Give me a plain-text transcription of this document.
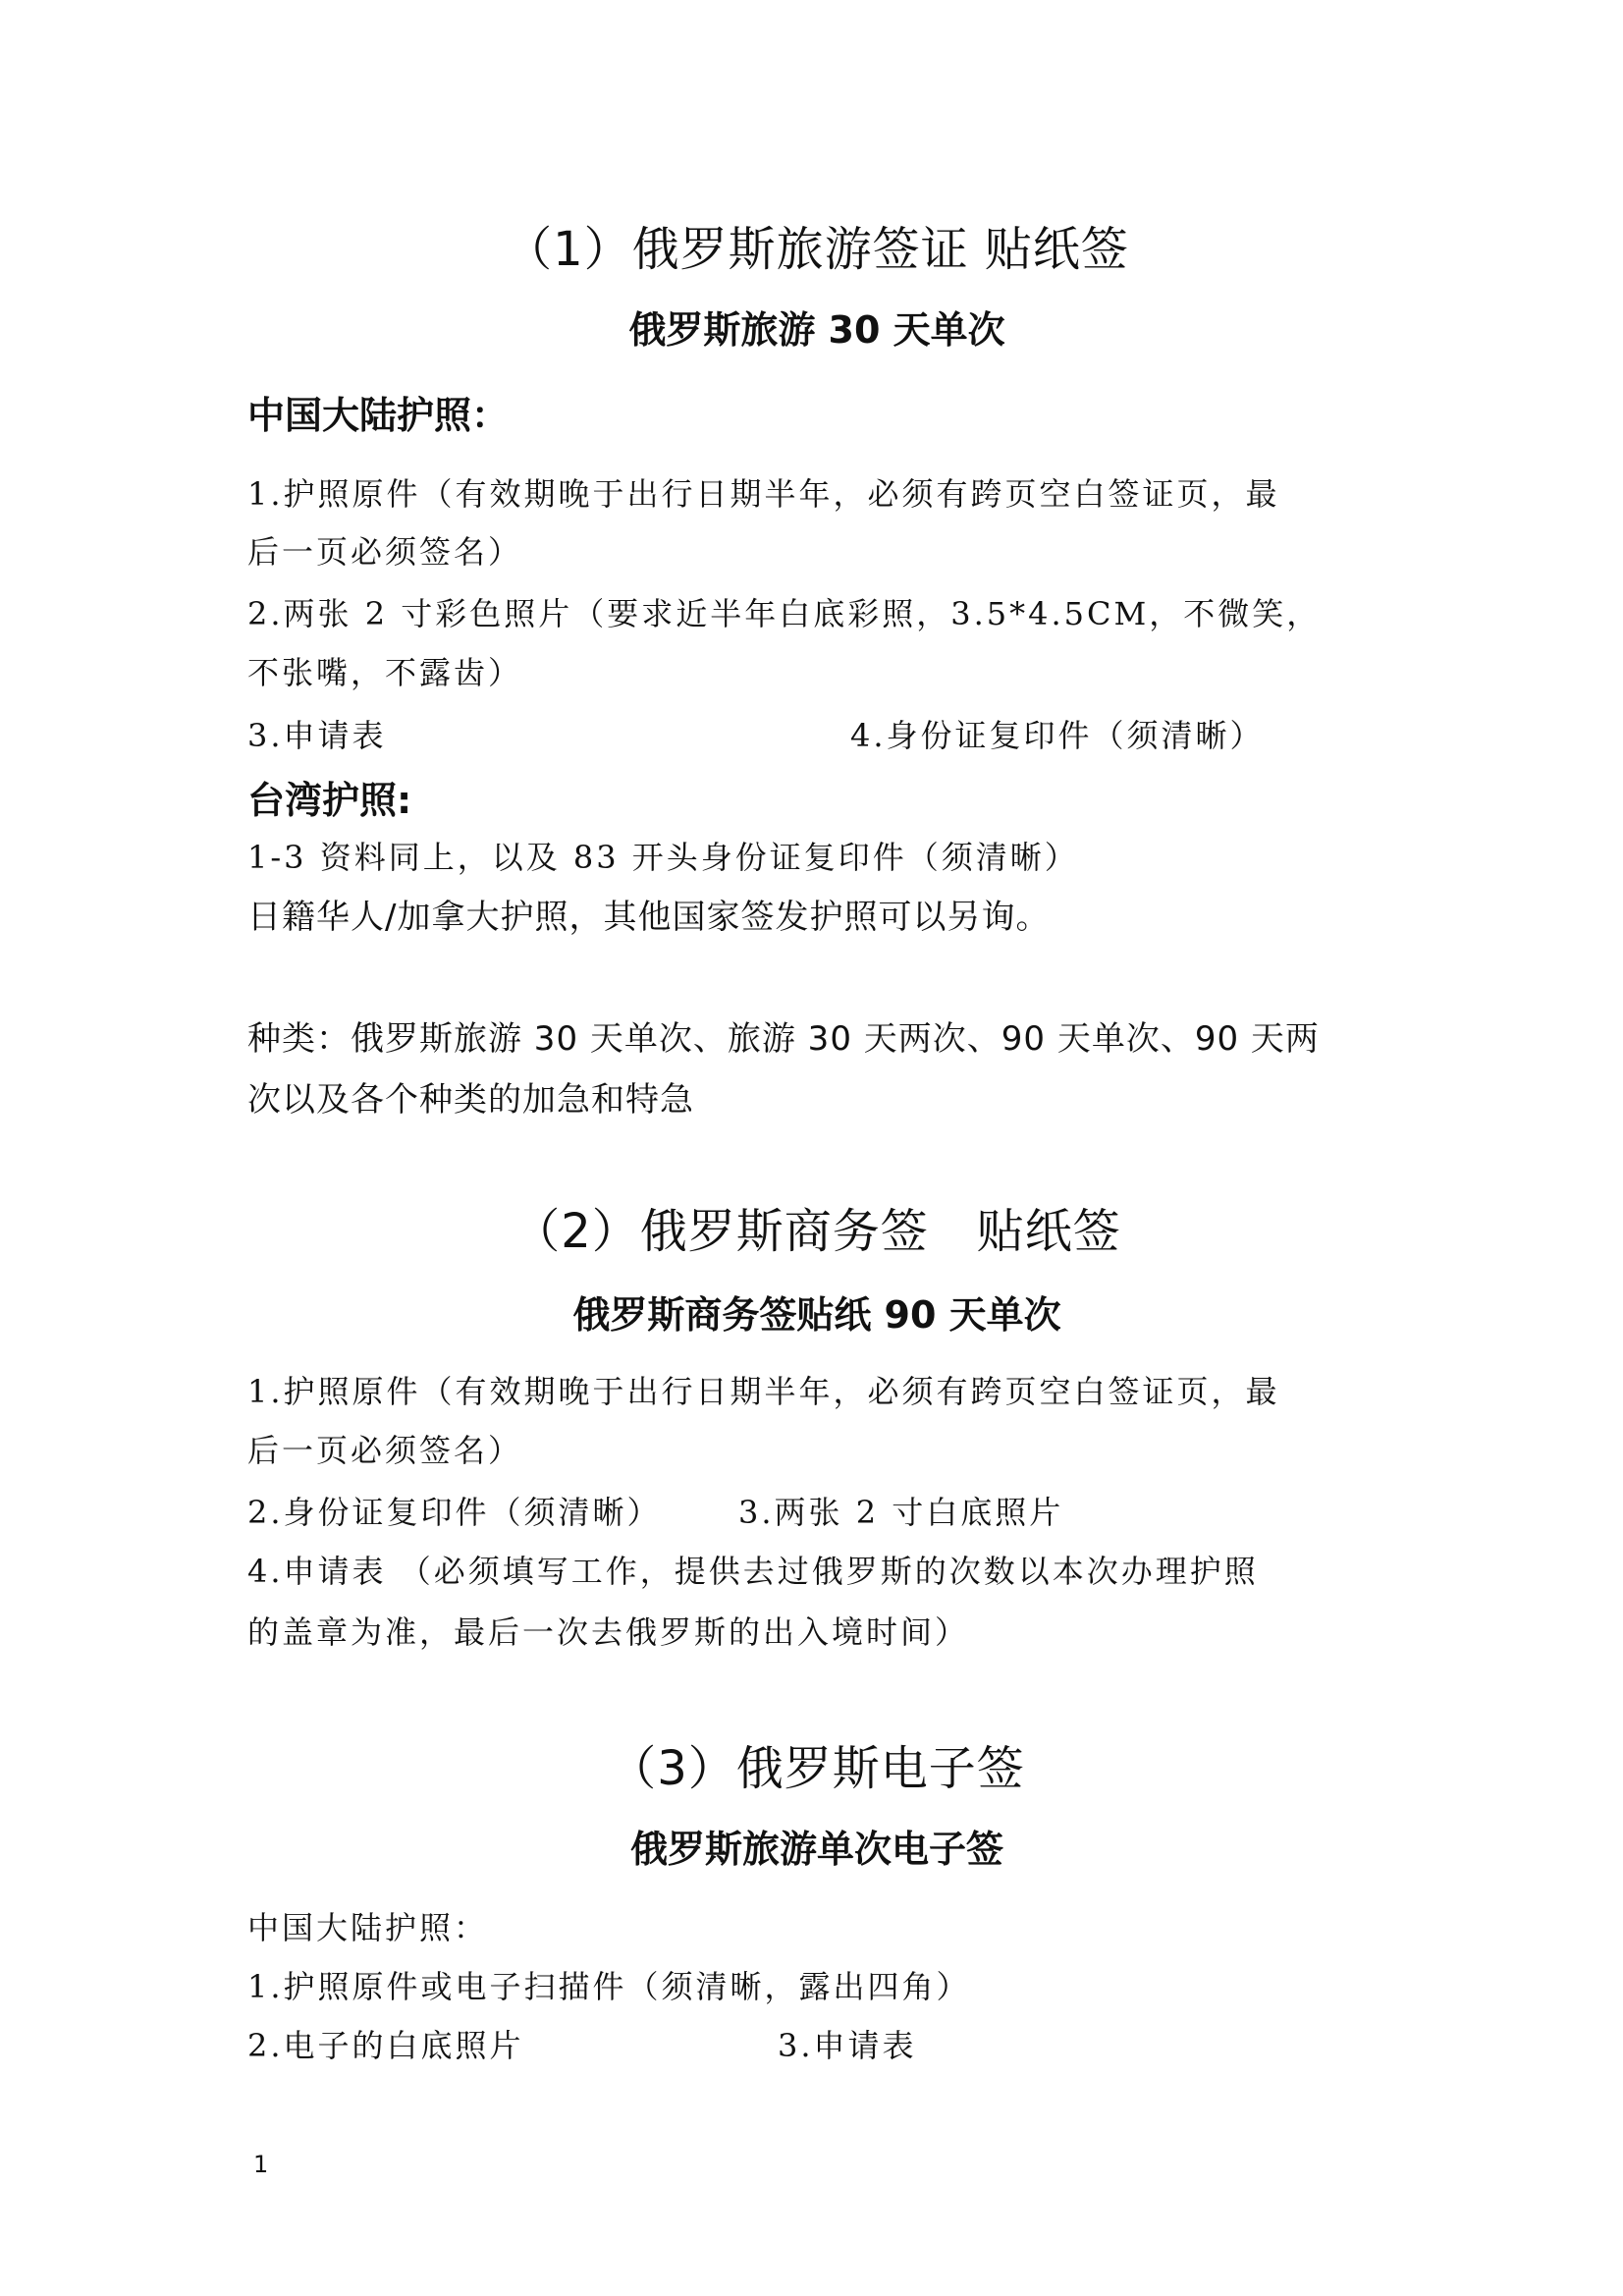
（1）俄罗斯旅游签证 贴纸签
俄罗斯旅游 30 天单次
中国大陆护照：
1.护照原件（有效期晚于出行日期半年，必须有跨页空白签证页，最
后一页必须签名）
2.两张 2 寸彩色照片（要求近半年白底彩照，3.5*4.5CM，不微笑，
不张嘴，不露齿）
3.申请表	4.身份证复印件（须清晰）
台湾护照:
1-3 资料同上，以及 83 开头身份证复印件（须清晰）
日籍华人/加拿大护照，其他国家签发护照可以另询。
种类：俄罗斯旅游 30 天单次、旅游 30 天两次、90 天单次、90 天两
次以及各个种类的加急和特急
（2）俄罗斯商务签　贴纸签
俄罗斯商务签贴纸 90 天单次
1.护照原件（有效期晚于出行日期半年，必须有跨页空白签证页，最
后一页必须签名）
2.身份证复印件（须清晰） 3.两张 2 寸白底照片
4.申请表 （必须填写工作，提供去过俄罗斯的次数以本次办理护照
的盖章为准，最后一次去俄罗斯的出入境时间）
（3）俄罗斯电子签
俄罗斯旅游单次电子签
中国大陆护照：
1.护照原件或电子扫描件（须清晰，露出四角）
2.电子的白底照片	3.申请表
1
